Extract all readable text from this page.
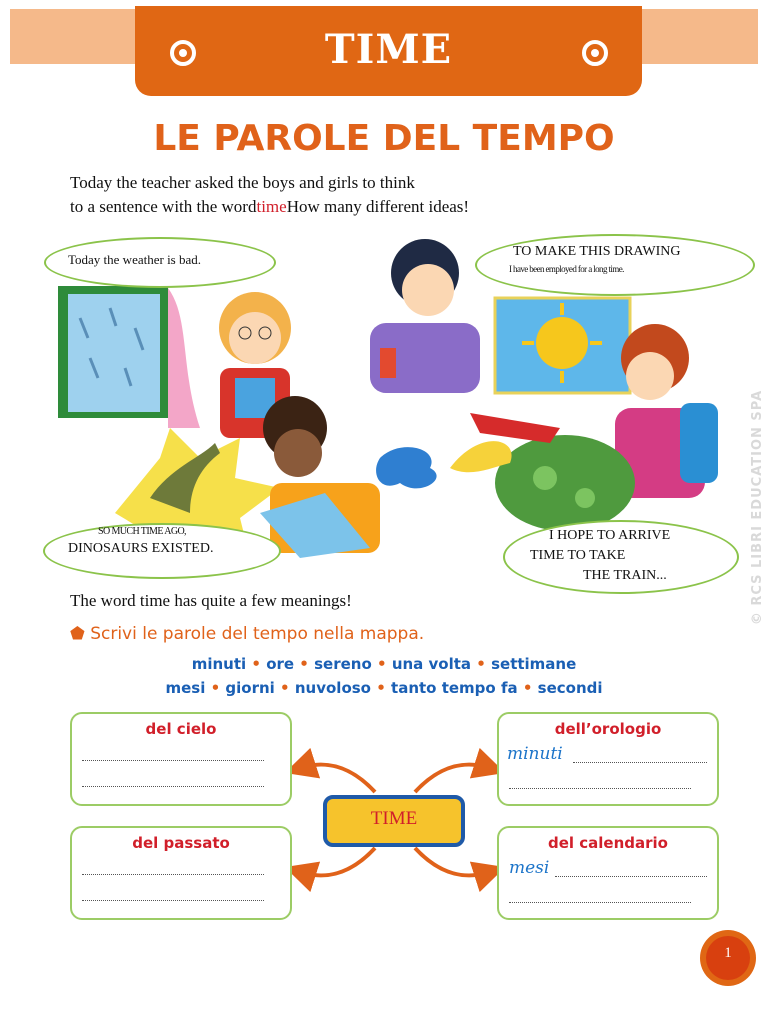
TIME
LE PAROLE DEL TEMPO
Today the teacher asked the boys and girls to think
to a sentence with the wordtimeHow many different ideas!
Today the weather is bad.
TO MAKE THIS DRAWING
I have been employed for a long time.
SO MUCH TIME AGO,
DINOSAURS EXISTED.
I HOPE TO ARRIVE
TIME TO TAKE
THE TRAIN...	© RCS LIBRI EDUCATION SPA
The word time has quite a few meanings!
⬟ Scrivi le parole del tempo nella mappa.
minuti • ore • sereno • una volta • settimane
mesi • giorni • nuvoloso • tanto tempo fa • secondi
TIME
del cielo	dell’orologio
minuti
del passato	del calendario
mesi
1
